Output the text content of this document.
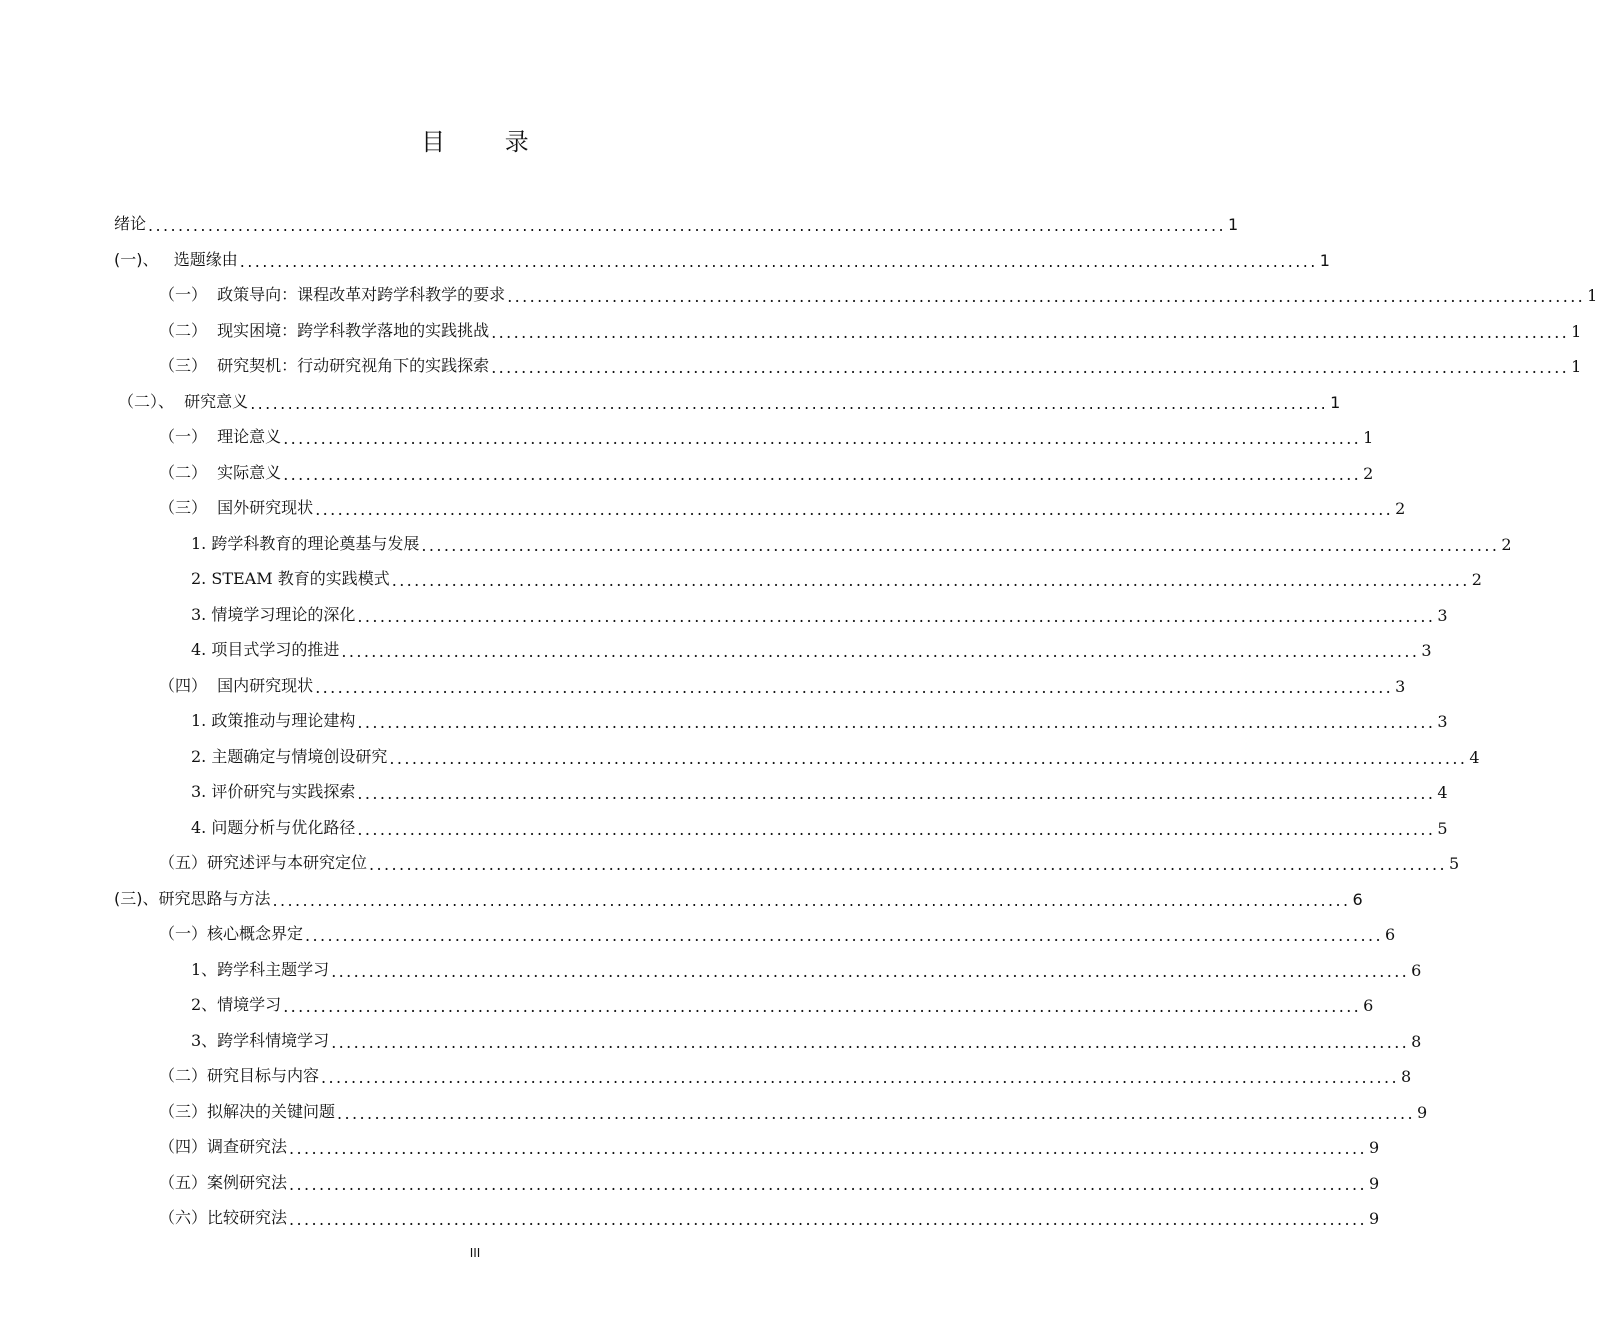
目 录
绪论 ................................................................................................................................................ 1
(一)、   选题缘由 ................................................................................................................................................ 1
（一）  政策导向：课程改革对跨学科教学的要求 ................................................................................................................................................ 1
（二）  现实困境：跨学科教学落地的实践挑战 ................................................................................................................................................ 1
（三）  研究契机：行动研究视角下的实践探索 ................................................................................................................................................ 1
（二）、  研究意义 ................................................................................................................................................ 1
（一）  理论意义 ................................................................................................................................................ 1
（二）  实际意义 ................................................................................................................................................ 2
（三）  国外研究现状 ................................................................................................................................................ 2
1. 跨学科教育的理论奠基与发展 ................................................................................................................................................ 2
2. STEAM 教育的实践模式 ................................................................................................................................................ 2
3. 情境学习理论的深化 ................................................................................................................................................ 3
4. 项目式学习的推进 ................................................................................................................................................ 3
（四）  国内研究现状 ................................................................................................................................................ 3
1. 政策推动与理论建构 ................................................................................................................................................ 3
2. 主题确定与情境创设研究 ................................................................................................................................................ 4
3. 评价研究与实践探索 ................................................................................................................................................ 4
4. 问题分析与优化路径 ................................................................................................................................................ 5
（五）研究述评与本研究定位 ................................................................................................................................................ 5
(三)、研究思路与方法 ................................................................................................................................................ 6
（一）核心概念界定 ................................................................................................................................................ 6
1、跨学科主题学习 ................................................................................................................................................ 6
2、情境学习 ................................................................................................................................................ 6
3、跨学科情境学习 ................................................................................................................................................ 8
（二）研究目标与内容 ................................................................................................................................................ 8
（三）拟解决的关键问题 ................................................................................................................................................ 9
（四）调查研究法 ................................................................................................................................................ 9
（五）案例研究法 ................................................................................................................................................ 9
（六）比较研究法 ................................................................................................................................................ 9
III
